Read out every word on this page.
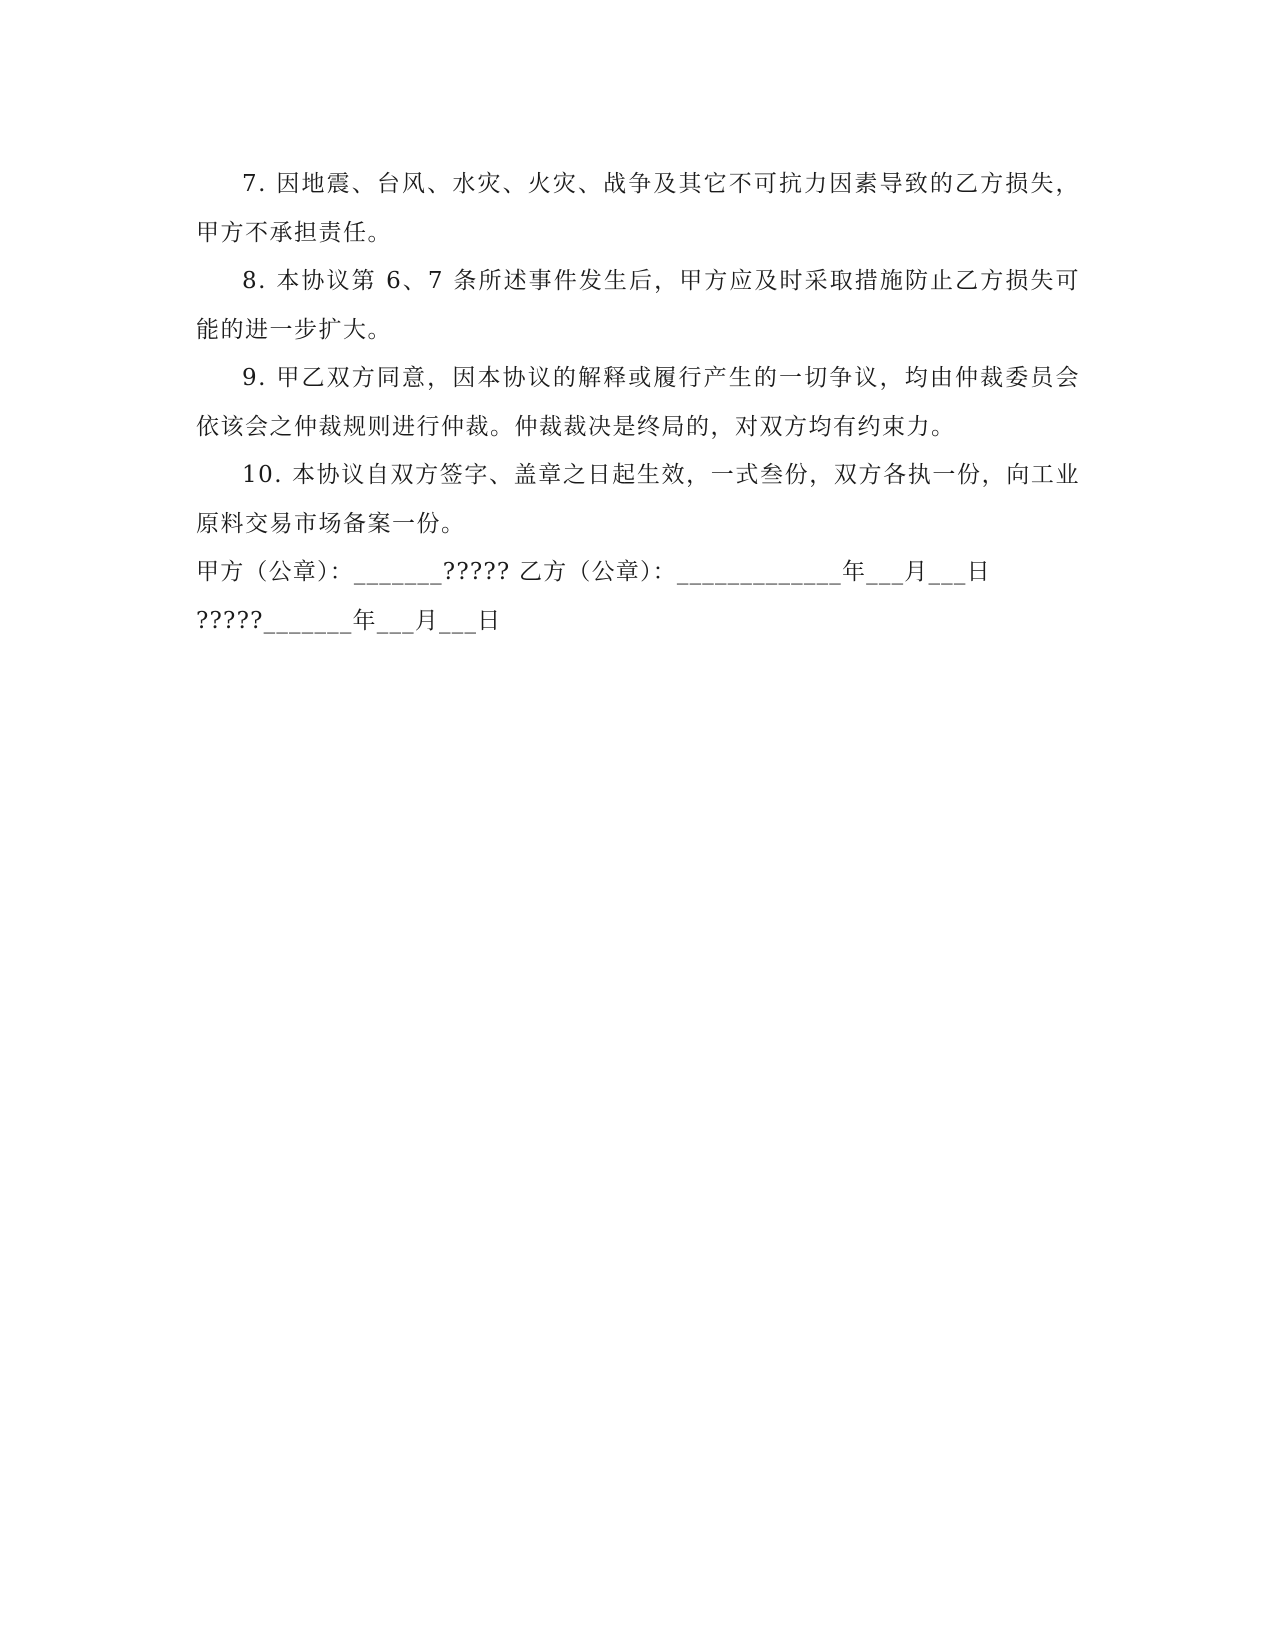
7. 因地震、台风、水灾、火灾、战争及其它不可抗力因素导致的乙方损失，甲方不承担责任。

8. 本协议第 6、7 条所述事件发生后，甲方应及时采取措施防止乙方损失可能的进一步扩大。

9. 甲乙双方同意，因本协议的解释或履行产生的一切争议，均由仲裁委员会依该会之仲裁规则进行仲裁。仲裁裁决是终局的，对双方均有约束力。

10. 本协议自双方签字、盖章之日起生效，一式叁份，双方各执一份，向工业原料交易市场备案一份。

甲方（公章）：_______????? 乙方（公章）：_____________年___月___日

?????_______年___月___日
